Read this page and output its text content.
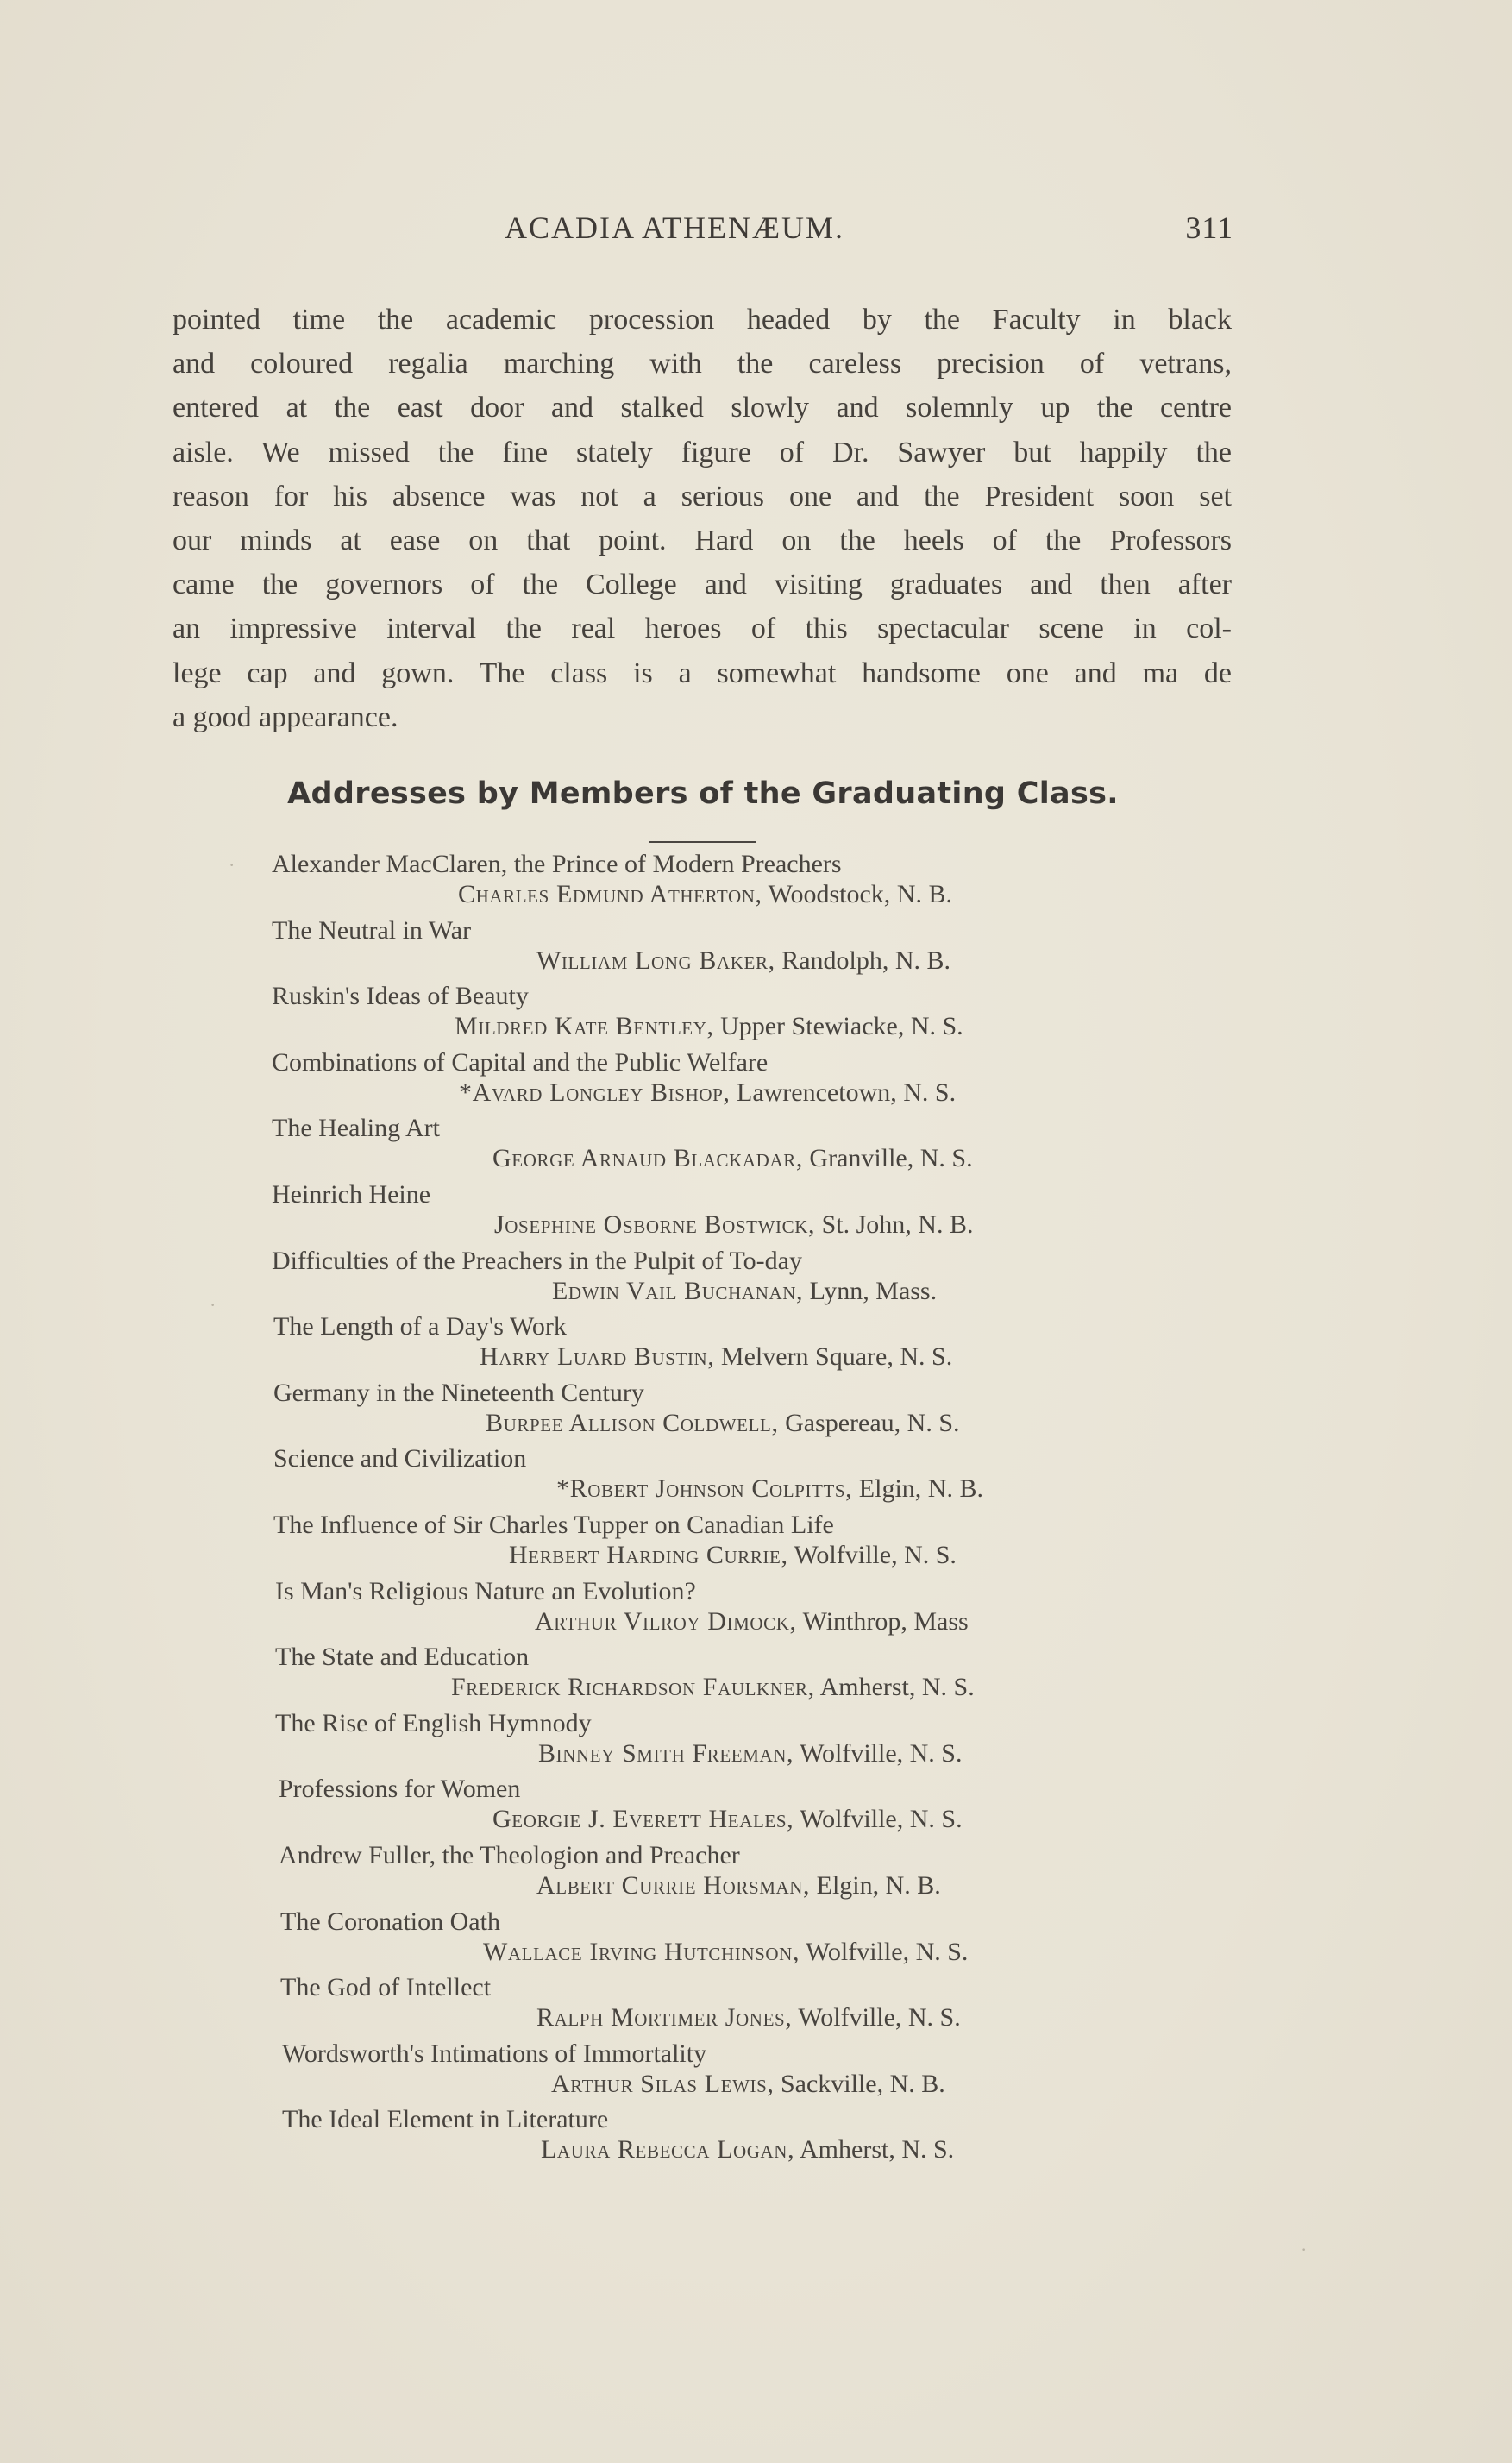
ACADIA ATHENÆUM.	311
pointed time the academic procession headed by the Faculty in black
and coloured regalia marching with the careless precision of vetrans,
entered at the east door and stalked slowly and solemnly up the centre
aisle. We missed the fine stately figure of Dr. Sawyer but happily the
reason for his absence was not a serious one and the President soon set
our minds at ease on that point. Hard on the heels of the Professors
came the governors of the College and visiting graduates and then after
an impressive interval the real heroes of this spectacular scene in col-
lege cap and gown. The class is a somewhat handsome one and ma de
a good appearance.
Addresses by Members of the Graduating Class.
Alexander MacClaren, the Prince of Modern Preachers
Charles Edmund Atherton, Woodstock, N. B.
The Neutral in War
William Long Baker, Randolph, N. B.
Ruskin's Ideas of Beauty
Mildred Kate Bentley, Upper Stewiacke, N. S.
Combinations of Capital and the Public Welfare
*Avard Longley Bishop, Lawrencetown, N. S.
The Healing Art
George Arnaud Blackadar, Granville, N. S.
Heinrich Heine
Josephine Osborne Bostwick, St. John, N. B.
Difficulties of the Preachers in the Pulpit of To-day
Edwin Vail Buchanan, Lynn, Mass.
The Length of a Day's Work
Harry Luard Bustin, Melvern Square, N. S.
Germany in the Nineteenth Century
Burpee Allison Coldwell, Gaspereau, N. S.
Science and Civilization
*Robert Johnson Colpitts, Elgin, N. B.
The Influence of Sir Charles Tupper on Canadian Life
Herbert Harding Currie, Wolfville, N. S.
Is Man's Religious Nature an Evolution?
Arthur Vilroy Dimock, Winthrop, Mass
The State and Education
Frederick Richardson Faulkner, Amherst, N. S.
The Rise of English Hymnody
Binney Smith Freeman, Wolfville, N. S.
Professions for Women
Georgie J. Everett Heales, Wolfville, N. S.
Andrew Fuller, the Theologion and Preacher
Albert Currie Horsman, Elgin, N. B.
The Coronation Oath
Wallace Irving Hutchinson, Wolfville, N. S.
The God of Intellect
Ralph Mortimer Jones, Wolfville, N. S.
Wordsworth's Intimations of Immortality
Arthur Silas Lewis, Sackville, N. B.
The Ideal Element in Literature
Laura Rebecca Logan, Amherst, N. S.
·
·
·
